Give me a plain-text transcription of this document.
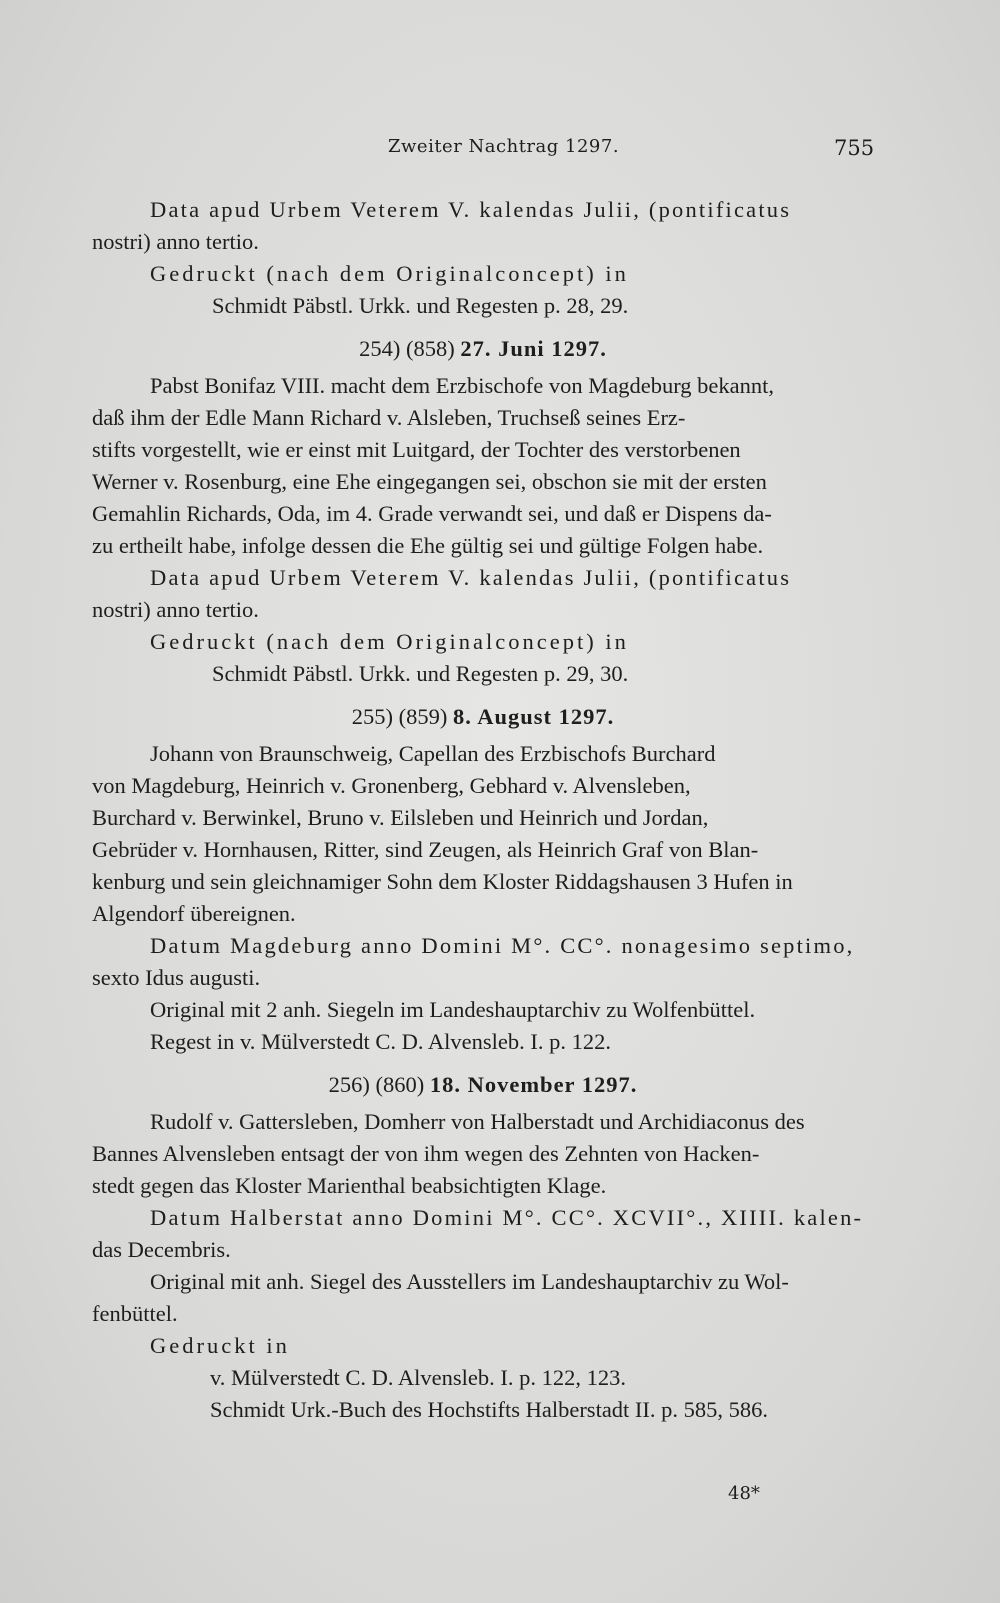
Zweiter Nachtrag 1297.	755
Data apud Urbem Veterem V. kalendas Julii, (pontificatus
nostri) anno tertio.
Gedruckt (nach dem Originalconcept) in
Schmidt Päbstl. Urkk. und Regesten p. 28, 29.
254) (858) 27. Juni 1297.
Pabst Bonifaz VIII. macht dem Erzbischofe von Magdeburg bekannt,
daß ihm der Edle Mann Richard v. Alsleben, Truchseß seines Erz-
stifts vorgestellt, wie er einst mit Luitgard, der Tochter des verstorbenen
Werner v. Rosenburg, eine Ehe eingegangen sei, obschon sie mit der ersten
Gemahlin Richards, Oda, im 4. Grade verwandt sei, und daß er Dispens da-
zu ertheilt habe, infolge dessen die Ehe gültig sei und gültige Folgen habe.
Data apud Urbem Veterem V. kalendas Julii, (pontificatus
nostri) anno tertio.
Gedruckt (nach dem Originalconcept) in
Schmidt Päbstl. Urkk. und Regesten p. 29, 30.
255) (859) 8. August 1297.
Johann von Braunschweig, Capellan des Erzbischofs Burchard
von Magdeburg, Heinrich v. Gronenberg, Gebhard v. Alvensleben,
Burchard v. Berwinkel, Bruno v. Eilsleben und Heinrich und Jordan,
Gebrüder v. Hornhausen, Ritter, sind Zeugen, als Heinrich Graf von Blan-
kenburg und sein gleichnamiger Sohn dem Kloster Riddagshausen 3 Hufen in
Algendorf übereignen.
Datum Magdeburg anno Domini M°. CC°. nonagesimo septimo,
sexto Idus augusti.
Original mit 2 anh. Siegeln im Landeshauptarchiv zu Wolfenbüttel.
Regest in v. Mülverstedt C. D. Alvensleb. I. p. 122.
256) (860) 18. November 1297.
Rudolf v. Gattersleben, Domherr von Halberstadt und Archidiaconus des
Bannes Alvensleben entsagt der von ihm wegen des Zehnten von Hacken-
stedt gegen das Kloster Marienthal beabsichtigten Klage.
Datum Halberstat anno Domini M°. CC°. XCVII°., XIIII. kalen-
das Decembris.
Original mit anh. Siegel des Ausstellers im Landeshauptarchiv zu Wol-
fenbüttel.
Gedruckt in
v. Mülverstedt C. D. Alvensleb. I. p. 122, 123.
Schmidt Urk.-Buch des Hochstifts Halberstadt II. p. 585, 586.
48*
